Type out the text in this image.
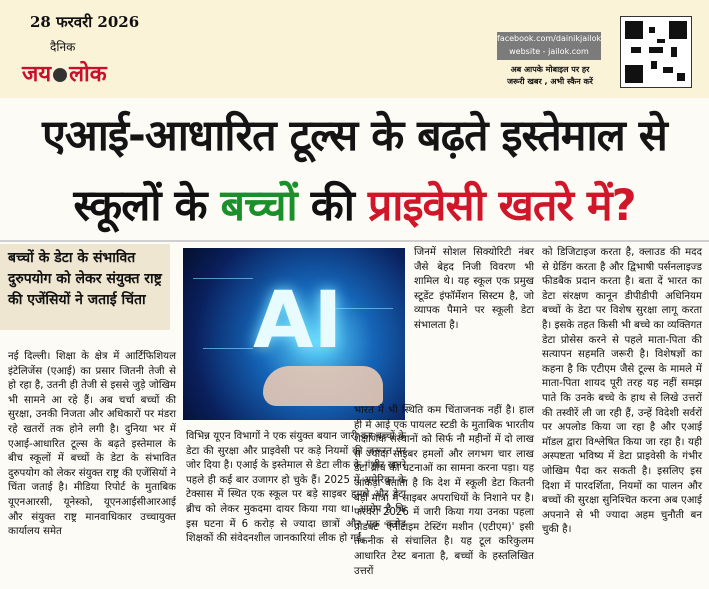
28 फरवरी 2026
दैनिक
जय लोक
facebook.com/dainikjailok
website - jailok.com
अब आपके मोबाइल पर हर
जरूरी खबर , अभी स्कैन करें
एआई-आधारित टूल्स के बढ़ते इस्तेमाल से
स्कूलों के बच्चों की प्राइवेसी खतरे में?
बच्चों के डेटा के संभावित दुरुपयोग को लेकर संयुक्त राष्ट्र की एजेंसियों ने जताई चिंता	AI
नई दिल्ली। शिक्षा के क्षेत्र में आर्टिफिशियल इंटेलिजेंस (एआई) का प्रसार जितनी तेजी से हो रहा है, उतनी ही तेजी से इससे जुड़े जोखिम भी सामने आ रहे हैं। अब चर्चा बच्चों की सुरक्षा, उनकी निजता और अधिकारों पर मंडरा रहे खतरों तक होने लगी है। दुनिया भर में एआई-आधारित टूल्स के बढ़ते इस्तेमाल के बीच स्कूलों में बच्चों के डेटा के संभावित दुरुपयोग को लेकर संयुक्त राष्ट्र की एजेंसियों ने चिंता जताई है। मीडिया रिपोर्ट के मुताबिक यूएनआरसी, यूनेस्को, यूएनआईसीआरआई और संयुक्त राष्ट्र मानवाधिकार उच्चायुक्त कार्यालय समेत
विभिन्न यूएन विभागों ने एक संयुक्त बयान जारी कर बच्चों के डेटा की सुरक्षा और प्राइवेसी पर कड़े नियमों की जरूरत पर जोर दिया है। एआई के इस्तेमाल से डेटा लीक के गंभीर खतरे पहले ही कई बार उजागर हो चुके हैं। 2025 में अमेरिका के टेक्सास में स्थित एक स्कूल पर बड़े साइबर हमले और डेटा ब्रीच को लेकर मुकदमा दायर किया गया था। आरोप है कि इस घटना में 6 करोड़ से ज्यादा छात्रों और एक करोड़ शिक्षकों की संवेदनशील जानकारियां लीक हो गईं,
जिनमें सोशल सिक्योरिटी नंबर जैसे बेहद निजी विवरण भी शामिल थे। यह स्कूल एक प्रमुख स्टूडेंट इंफॉर्मेशन सिस्टम है, जो व्यापक पैमाने पर स्कूली डेटा संभालता है।
भारत में भी स्थिति कम चिंताजनक नहीं है। हाल ही में आई एक पायलट स्टडी के मुताबिक भारतीय शैक्षणिक संस्थानों को सिर्फ नौ महीनों में दो लाख से ज्यादा साइबर हमलों और लगभग चार लाख डेटा ब्रीच की घटनाओं का सामना करना पड़ा। यह आंकड़ा बताता है कि देश में स्कूली डेटा कितनी बड़ी मात्रा में साइबर अपराधियों के निशाने पर है। फरवरी 2026 में जारी किया गया उनका पहला प्रोडक्ट 'एनीटाइम टेस्टिंग मशीन (एटीएम)' इसी तकनीक से संचालित है। यह टूल करिकुलम आधारित टेस्ट बनाता है, बच्चों के हस्तलिखित उत्तरों
को डिजिटाइज करता है, क्लाउड की मदद से ग्रेडिंग करता है और द्विभाषी पर्सनलाइज्ड फीडबैक प्रदान करता है। बता दें भारत का डेटा संरक्षण कानून डीपीडीपी अधिनियम बच्चों के डेटा पर विशेष सुरक्षा लागू करता है। इसके तहत किसी भी बच्चे का व्यक्तिगत डेटा प्रोसेस करने से पहले माता-पिता की सत्यापन सहमति जरूरी है। विशेषज्ञों का कहना है कि एटीएम जैसे टूल्स के मामले में माता-पिता शायद पूरी तरह यह नहीं समझ पाते कि उनके बच्चे के हाथ से लिखे उत्तरों की तस्वीरें ली जा रही हैं, उन्हें विदेशी सर्वरों पर अपलोड किया जा रहा है और एआई मॉडल द्वारा विश्लेषित किया जा रहा है। यही अस्पष्टता भविष्य में डेटा प्राइवेसी के गंभीर जोखिम पैदा कर सकती है। इसलिए इस दिशा में पारदर्शिता, नियमों का पालन और बच्चों की सुरक्षा सुनिश्चित करना अब एआई अपनाने से भी ज्यादा अहम चुनौती बन चुकी है।
